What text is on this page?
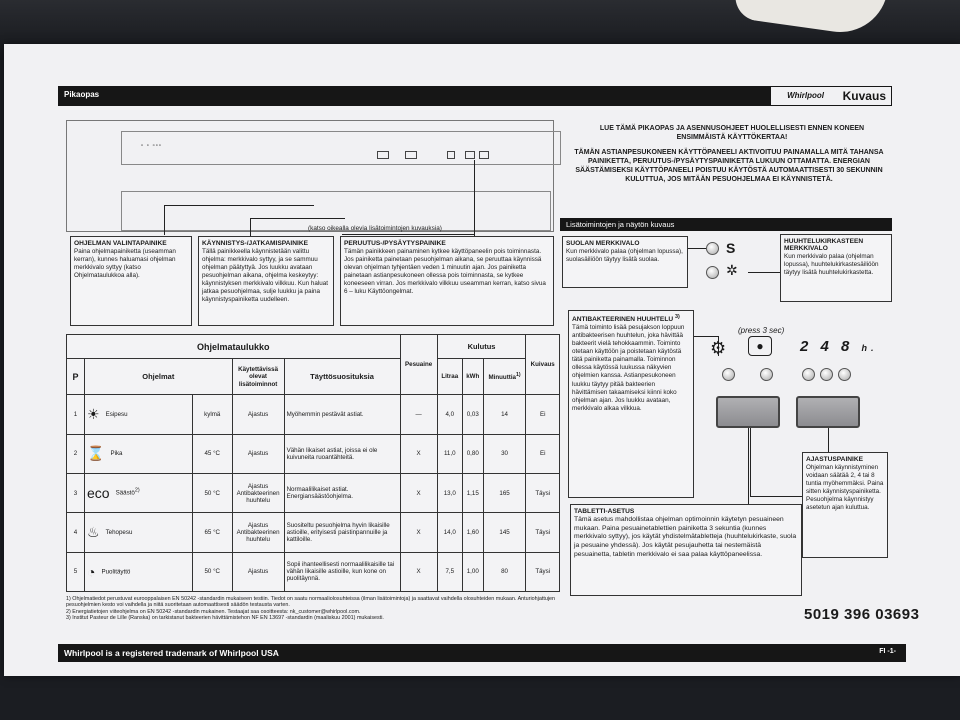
Pikaopas	Whirlpool Kuvaus
▫ ▫ ▫▫▫
(katso oikealla olevia lisätoimintojen kuvauksia)
OHJELMAN VALINTAPAINIKE
Paina ohjelmapainiketta (useamman kerran), kunnes haluamasi ohjelman merkkivalo syttyy (katso Ohjelmataulukkoa alla).
KÄYNNISTYS-/JATKAMISPAINIKE
Tällä painikkeella käynnistetään valittu ohjelma: merkkivalo syttyy, ja se sammuu ohjelman päätyttyä. Jos luukku avataan pesuohjelman aikana, ohjelma keskeytyy: käynnistyksen merkkivalo vilkkuu. Kun haluat jatkaa pesuohjelmaa, sulje luukku ja paina käynnistyspainiketta uudelleen.
PERUUTUS-/PYSÄYTYSPAINIKE
Tämän painikkeen painaminen kytkee käyttöpaneelin pois toiminnasta. Jos painiketta painetaan pesuohjelman aikana, se peruuttaa käynnissä olevan ohjelman tyhjentäen veden 1 minuutin ajan. Jos painiketta painetaan astianpesukoneen ollessa pois toiminnasta, se kytkee koneeseen virran. Jos merkkivalo vilkkuu useamman kerran, katso sivua 6 – luku Käyttöongelmat.
LUE TÄMÄ PIKAOPAS JA ASENNUSOHJEET HUOLELLISESTI ENNEN KONEEN ENSIMMÄISTÄ KÄYTTÖKERTAA!
TÄMÄN ASTIANPESUKONEEN KÄYTTÖPANEELI AKTIVOITUU PAINAMALLA MITÄ TAHANSA PAINIKETTA, PERUUTUS-/PYSÄYTYSPAINIKETTA LUKUUN OTTAMATTA. ENERGIAN SÄÄSTÄMISEKSI KÄYTTÖPANEELI POISTUU KÄYTÖSTÄ AUTOMAATTISESTI 30 SEKUNNIN KULUTTUA, JOS MITÄÄN PESUOHJELMAA EI KÄYNNISTETÄ.
Lisätoimintojen ja näytön kuvaus
SUOLAN MERKKIVALO
Kun merkkivalo palaa (ohjelman lopussa), suolasäiliöön täytyy lisätä suolaa.
S	HUUHTELUKIRKASTEEN MERKKIVALO
Kun merkkivalo palaa (ohjelman lopussa), huuhtelukirkastesäiliöön täytyy lisätä huuhtelukirkastetta.
✲
ANTIBAKTEERINEN HUUHTELU $^{3)}$
Tämä toiminto lisää pesujakson loppuun antibakteerisen huuhtelun, joka hävittää bakteerit vielä tehokkaammin. Toiminto otetaan käyttöön ja poistetaan käytöstä tätä painiketta painamalla. Toiminnon ollessa käytössä luukussa näkyvien ohjelmien kanssa. Astianpesukoneen luukku täytyy pitää bakteerien hävittämisen takaamiseksi kiinni koko ohjelman ajan. Jos luukku avataan, merkkivalo alkaa vilkkua.
(press 3 sec)
⚙	●	2 4 8 h.
AJASTUSPAINIKE
Ohjelman käynnistyminen voidaan säätää 2, 4 tai 8 tuntia myöhemmäksi. Paina sitten käynnistyspainiketta. Pesuohjelma käynnistyy asetetun ajan kuluttua.
TABLETTI-ASETUS
Tämä asetus mahdollistaa ohjelman optimoinnin käytetyn pesuaineen mukaan. Paina pesuainetablettien painiketta 3 sekuntia (kunnes merkkivalo syttyy), jos käytät yhdistelmätabletteja (huuhtelukirkaste, suola ja pesuaine yhdessä). Jos käytät pesujauhetta tai nestemäistä pesuainetta, tabletin merkkivalo ei saa palaa käyttöpaneelissa.
Ohjelmataulukko					Pesuaine	Kulutus			Kuivaus
P	Ohjelmat		Käytettävissä olevat lisätoiminnot	Täyttösuosituksia		Litraa	kWh	Minuuttia$^{1)}$
1	☀ Esipesu	kylmä	Ajastus	Myöhemmin pestävät astiat.	—	4,0	0,03	14	Ei
2	⌛ Pika	45 °C	Ajastus	Vähän likaiset astiat, joissa ei ole kuivuneita ruoantähteitä.	X	11,0	0,80	30	Ei
3	eco Säästö$^{2)}$	50 °C	Ajastus Antibakteerinen huuhtelu	Normaalilikaiset astiat. Energiansäästöohjelma.	X	13,0	1,15	165	Täysi
4	♨ Tehopesu	65 °C	Ajastus Antibakteerinen huuhtelu	Suositeltu pesuohjelma hyvin likaisille astioille, erityisesti paistinpannuille ja kattiloille.	X	14,0	1,60	145	Täysi
5	◔ Puolitäyttö	50 °C	Ajastus	Sopii ihanteellisesti normaalilikaisille tai vähän likaisille astioille, kun kone on puolitäynnä.	X	7,5	1,00	80	Täysi
1) Ohjelmatiedot perustuvat eurooppalaisen EN 50242 -standardin mukaiseen testiin. Tiedot on saatu normaaliolosuhteissa (ilman lisätoimintoja) ja saattavat vaihdella olosuhteiden mukaan. Anturiohjattujen pesuohjelmien kesto voi vaihdella ja niitä suoritetaan automaattisesti säädön testausta varten.
2) Energiatietojen viiteohjelma on EN 50242 -standardin mukainen. Testaajat saa osoitteesta: nk_customer@whirlpool.com.
3) Institut Pasteur de Lille (Ranska) on tarkistanut bakteerien hävittämistehon NF EN 13697 -standardin (maaliskuu 2001) mukaisesti.	5019 396 03693
Whirlpool is a registered trademark of Whirlpool USA	FI -1-
